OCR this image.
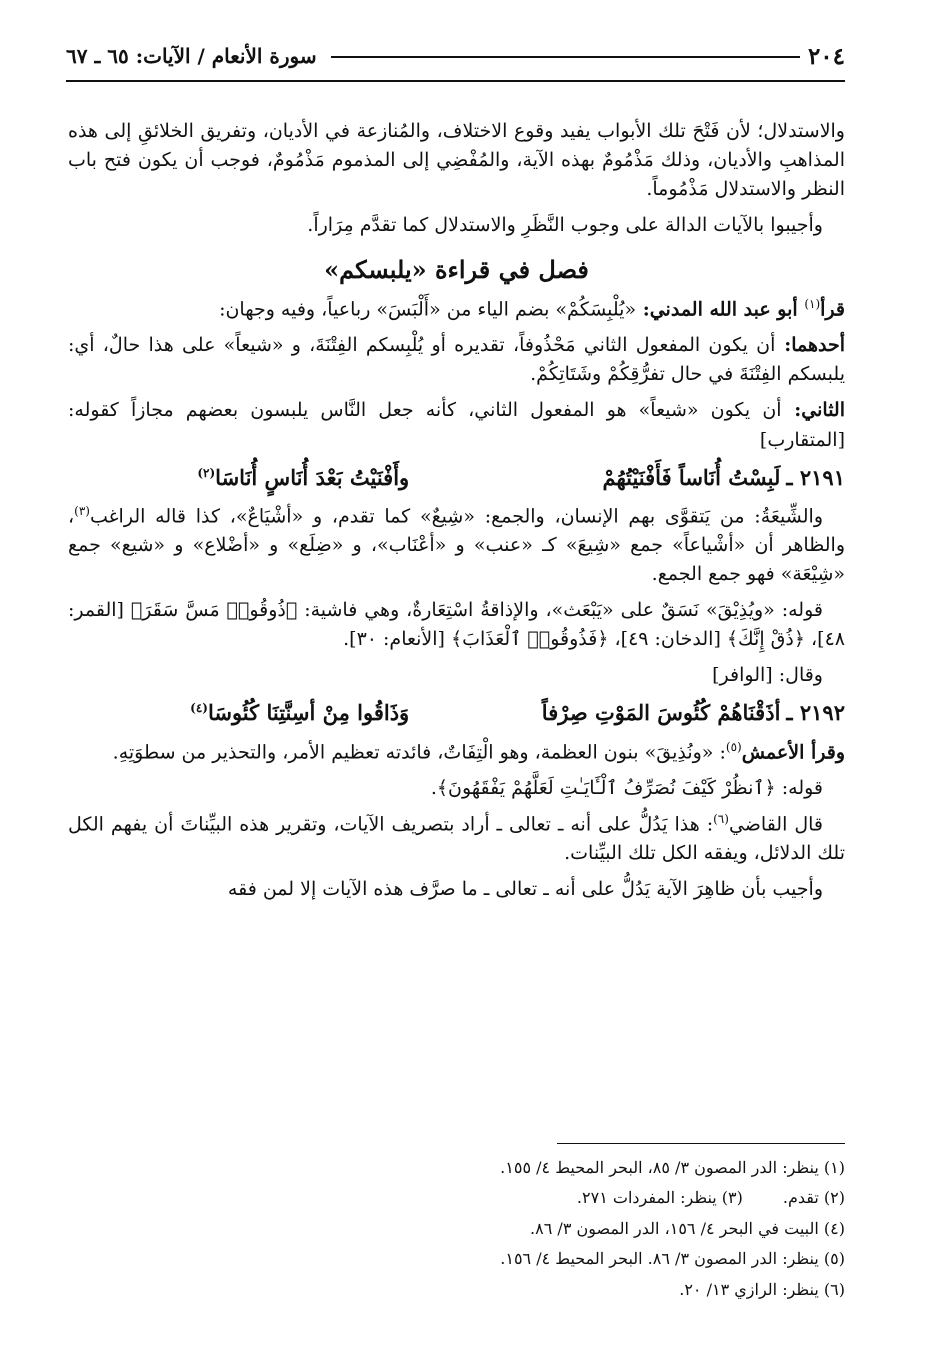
٢٠٤
سورة الأنعام / الآيات: ٦٥ ـ ٦٧

والاستدلال؛ لأن فَتْحَ تلك الأبواب يفيد وقوع الاختلاف، والمُنازعة في الأديان، وتفريق الخلائقِ إلى هذه المذاهبِ والأديان، وذلك مَذْمُومٌ بهذه الآية، والمُفْضِي إلى المذموم مَذْمُومٌ، فوجب أن يكون فتح باب النظر والاستدلال مَذْمُوماً.

وأجيبوا بالآيات الدالة على وجوب النَّظَرِ والاستدلال كما تقدَّم مِرَاراً.

فصل في قراءة «يلبسكم»

قرأ$^{(١)}$ أبو عبد الله المدني: «يُلْبِسَكُمْ» بضم الياء من «أَلْبَسَ» رباعياً، وفيه وجهان:

أحدهما: أن يكون المفعول الثاني مَحْذُوفاً، تقديره أو يُلْبِسكم الفِتْنَةَ، و «شيعاً» على هذا حالٌ، أي: يلبسكم الفِتْنَةَ في حال تفرُّقِكُمْ وشَتَاتِكُمْ.

الثاني: أن يكون «شيعاً» هو المفعول الثاني، كأنه جعل النَّاس يلبسون بعضهم مجازاً كقوله: [المتقارب]

٢١٩١ ـ
لَبِسْتُ أُنَاساً فَأَفْنَيْتُهُمْ
وأَفْنَيْتُ بَعْدَ أُنَاسٍ أُنَاسَا$^{(٢)}$

والشِّيعَةُ: من يَتقوَّى بهم الإنسان، والجمع: «شِيعٌ» كما تقدم، و «أشْيَاعٌ»، كذا قاله الراغب$^{(٣)}$، والظاهر أن «أشْياعاً» جمع «شِيعَ» كـ «عنب» و «أعْنَاب»، و «ضِلَع» و «أضْلاع» و «شيع» جمع «شِيْعَة» فهو جمع الجمع.

قوله: «ويُذِيْقَ» نَسَقٌ على «يَبْعَث»، والإذاقةُ اسْتِعَارةٌ، وهي فاشية: ﴿ذُوقُوا۟ مَسَّ سَقَرَ﴾ [القمر: ٤٨]، ﴿ذُقْ إِنَّكَ﴾ [الدخان: ٤٩]، ﴿فَذُوقُوا۟ ٱلْعَذَابَ﴾ [الأنعام: ٣٠].

وقال: [الوافر]

٢١٩٢ ـ
أذَقْنَاهُمْ كُئُوسَ المَوْتِ صِرْفاً
وَذَاقُوا مِنْ أسِنَّتِنَا كُئُوسَا$^{(٤)}$

وقرأ الأعمش$^{(٥)}$: «ونُذِيقَ» بنون العظمة، وهو الْتِفَاتٌ، فائدته تعظيم الأمر، والتحذير من سطوَتِهِ.

قوله: ﴿ٱنظُرْ كَيْفَ نُصَرِّفُ ٱلْـَٔايَـٰتِ لَعَلَّهُمْ يَفْقَهُونَ﴾.

قال القاضي$^{(٦)}$: هذا يَدُلُّ على أنه ـ تعالى ـ أراد بتصريف الآيات، وتقرير هذه البيِّناتَ أن يفهم الكل تلك الدلائل، ويفقه الكل تلك البيِّنات.

وأجيب بأن ظاهِرَ الآية يَدُلُّ على أنه ـ تعالى ـ ما صرَّف هذه الآيات إلا لمن فقه

(١) ينظر: الدر المصون ٣/ ٨٥، البحر المحيط ٤/ ١٥٥.
(٢) تقدم.(٣) ينظر: المفردات ٢٧١.
(٤) البيت في البحر ٤/ ١٥٦، الدر المصون ٣/ ٨٦.
(٥) ينظر: الدر المصون ٣/ ٨٦. البحر المحيط ٤/ ١٥٦.
(٦) ينظر: الرازي ١٣/ ٢٠.
